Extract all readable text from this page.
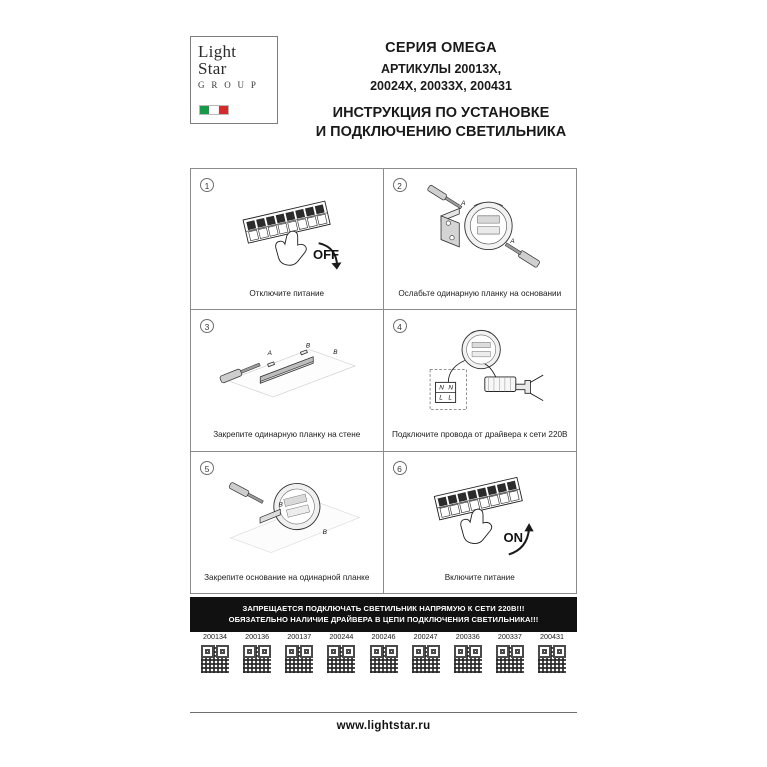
Light
Star
G R O U P
СЕРИЯ OMEGA
АРТИКУЛЫ 20013Х,
20024Х, 20033Х, 200431
ИНСТРУКЦИЯ ПО УСТАНОВКЕ
И ПОДКЛЮЧЕНИЮ СВЕТИЛЬНИКА
1
OFF
Отключите питание
2
A
A
Ослабьте одинарную планку на основании
3
A
B
B
Закрепите одинарную планку на стене
4
N
L
N
L
Подключите провода от драйвера к сети 220В
5
B
B
Закрепите основание на одинарной планке
6
ON
Включите питание
ЗАПРЕЩАЕТСЯ ПОДКЛЮЧАТЬ СВЕТИЛЬНИК НАПРЯМУЮ К СЕТИ 220В!!!
ОБЯЗАТЕЛЬНО НАЛИЧИЕ ДРАЙВЕРА В ЦЕПИ ПОДКЛЮЧЕНИЯ СВЕТИЛЬНИКА!!!
200134	200136	200137	200244	200246	200247	200336	200337	200431
www.lightstar.ru
